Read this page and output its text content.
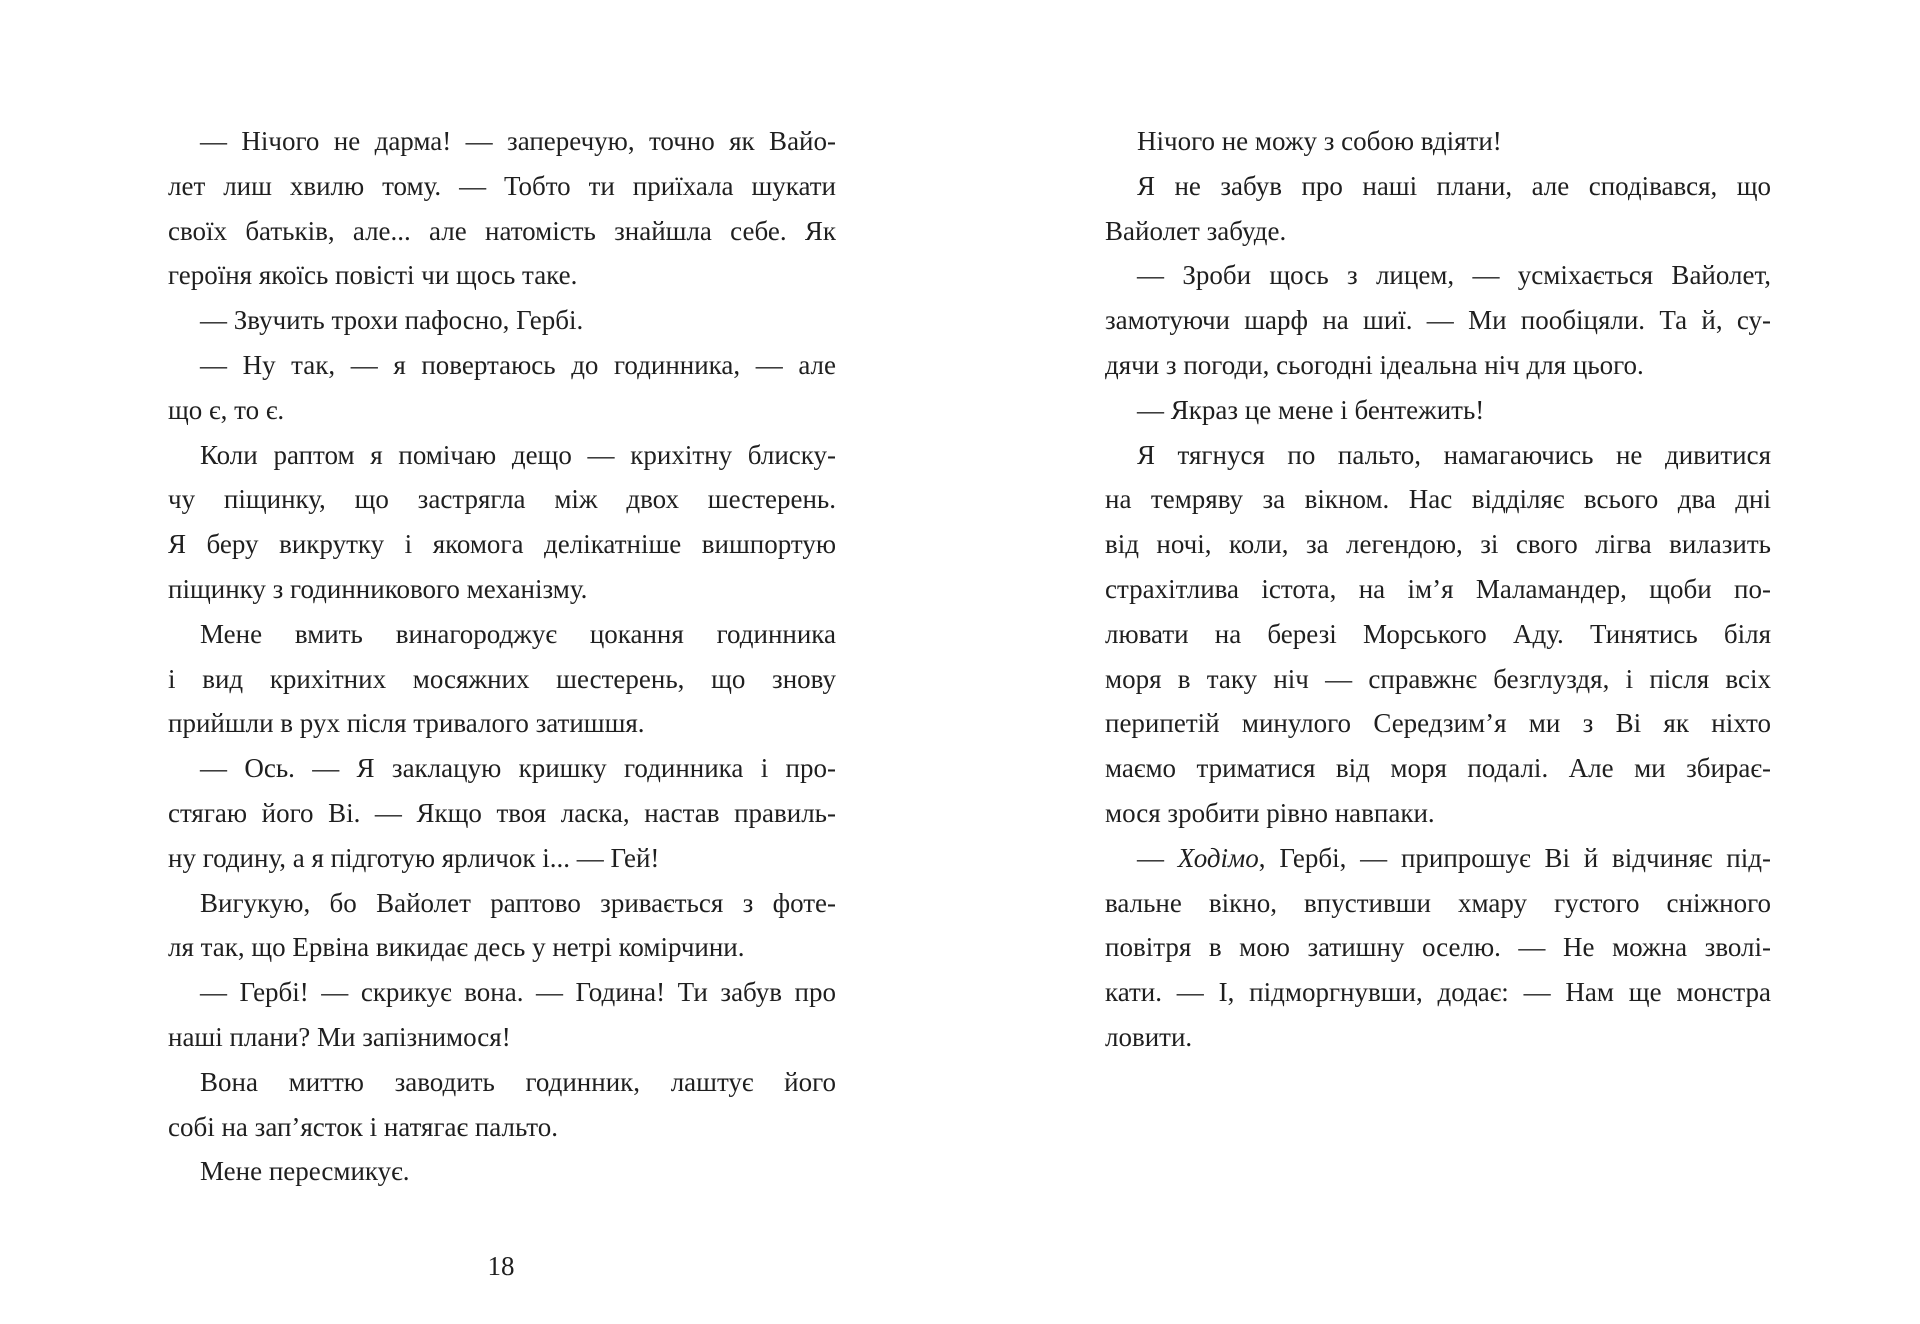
— Нічого не дарма! — заперечую, точно як Вайо-
лет лиш хвилю тому. — Тобто ти приїхала шукати
своїх батьків, але... але натомість знайшла себе. Як
героїня якоїсь повісті чи щось таке.
— Звучить трохи пафосно, Гербі.
— Ну так, — я повертаюсь до годинника, — але
що є, то є.
Коли раптом я помічаю дещо — крихітну блиску-
чу піщинку, що застрягла між двох шестерень.
Я беру викрутку і якомога делікатніше вишпортую
піщинку з годинникового механізму.
Мене вмить винагороджує цокання годинника
і вид крихітних мосяжних шестерень, що знову
прийшли в рух після тривалого затишшя.
— Ось. — Я заклацую кришку годинника і про-
стягаю його Ві. — Якщо твоя ласка, настав правиль-
ну годину, а я підготую ярличок і... — Гей!
Вигукую, бо Вайолет раптово зривається з фоте-
ля так, що Ервіна викидає десь у нетрі комірчини.
— Гербі! — скрикує вона. — Година! Ти забув про
наші плани? Ми запізнимося!
Вона миттю заводить годинник, лаштує його
собі на зап’ясток і натягає пальто.
Мене пересмикує.
18
Нічого не можу з собою вдіяти!
Я не забув про наші плани, але сподівався, що
Вайолет забуде.
— Зроби щось з лицем, — усміхається Вайолет,
замотуючи шарф на шиї. — Ми пообіцяли. Та й, су-
дячи з погоди, сьогодні ідеальна ніч для цього.
— Якраз це мене і бентежить!
Я тягнуся по пальто, намагаючись не дивитися
на темряву за вікном. Нас відділяє всього два дні
від ночі, коли, за легендою, зі свого лігва вилазить
страхітлива істота, на ім’я Маламандер, щоби по-
лювати на березі Морського Аду. Тинятись біля
моря в таку ніч — справжнє безглуздя, і після всіх
перипетій минулого Середзим’я ми з Ві як ніхто
маємо триматися від моря подалі. Але ми збирає-
мося зробити рівно навпаки.
— Ходімо, Гербі, — припрошує Ві й відчиняє під-
вальне вікно, впустивши хмару густого сніжного
повітря в мою затишну оселю. — Не можна зволі-
кати. — І, підморгнувши, додає: — Нам ще монстра
ловити.
